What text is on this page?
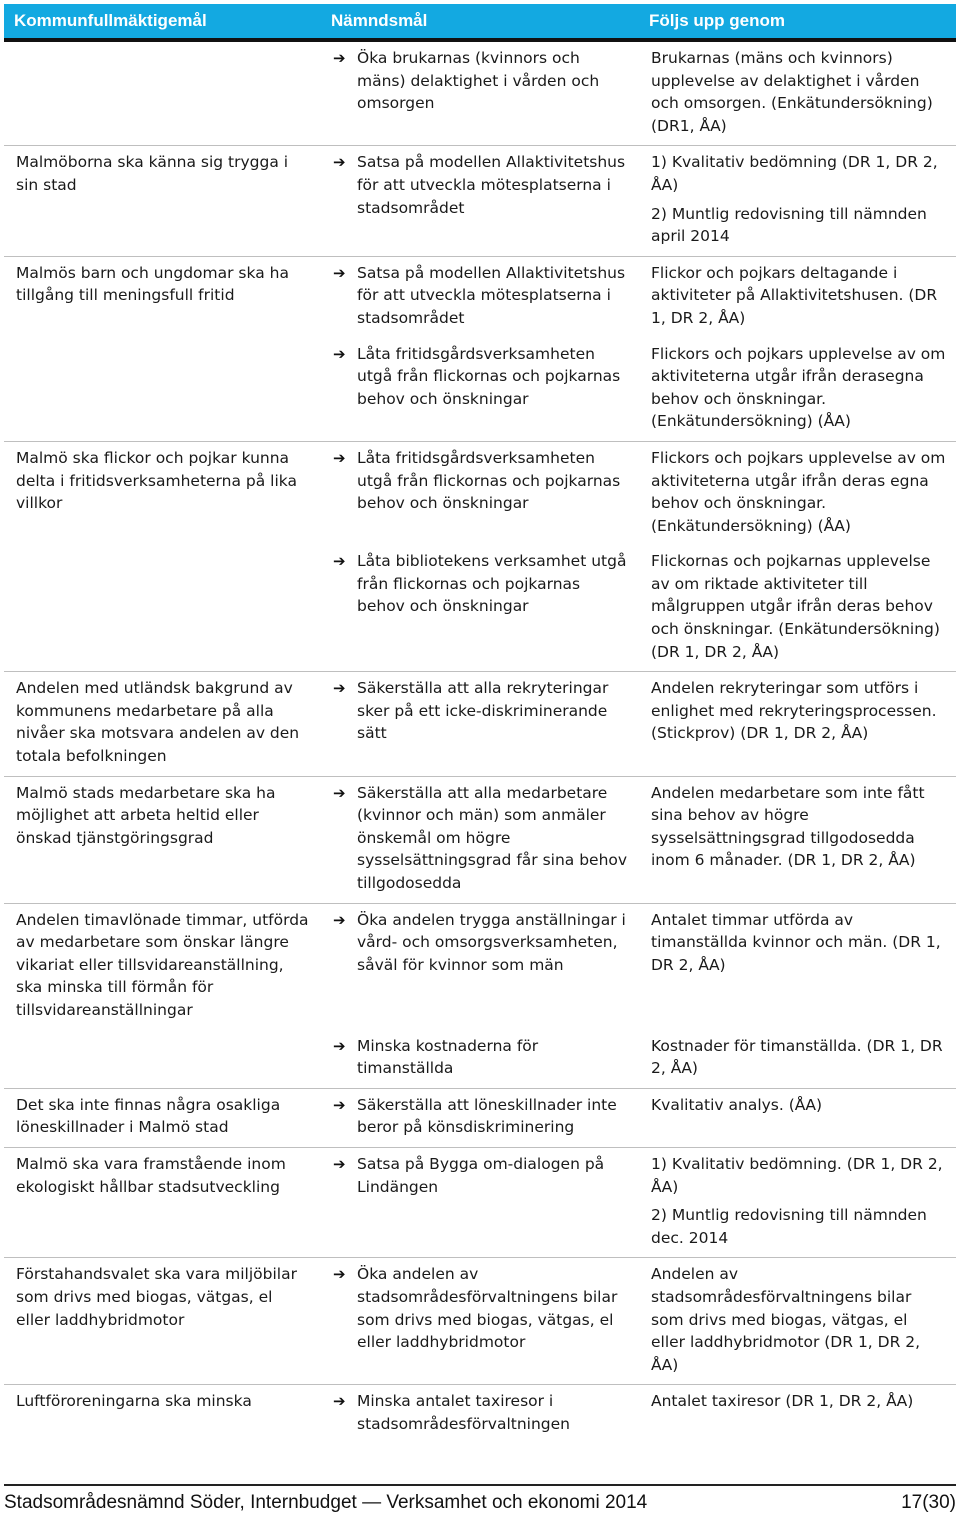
Kommunfullmäktigemål	Nämndsmål	Följs upp genom

	➔ Öka brukarnas (kvinnors och mäns) delaktighet i vården och omsorgen	Brukarnas (mäns och kvinnors) upplevelse av delaktighet i vården och omsorgen. (Enkätundersökning) (DR1, ÅA)

Malmöborna ska känna sig trygga i sin stad	➔ Satsa på modellen Allaktivitetshus för att utveckla mötesplatserna i stadsområdet	1) Kvalitativ bedömning (DR 1, DR 2, ÅA)
2) Muntlig redovisning till nämnden april 2014

Malmös barn och ungdomar ska ha tillgång till meningsfull fritid	➔ Satsa på modellen Allaktivitetshus för att utveckla mötesplatserna i stadsområdet	Flickor och pojkars deltagande i aktiviteter på Allaktivitetshusen. (DR 1, DR 2, ÅA)

	➔ Låta fritidsgårdsverksamheten utgå från flickornas och pojkarnas behov och önskningar	Flickors och pojkars upplevelse av om aktiviteterna utgår ifrån derasegna behov och önskningar. (Enkätundersökning) (ÅA)

Malmö ska flickor och pojkar kunna delta i fritidsverksamheterna på lika villkor	➔ Låta fritidsgårdsverksamheten utgå från flickornas och pojkarnas behov och önskningar	Flickors och pojkars upplevelse av om aktiviteterna utgår ifrån deras egna behov och önskningar. (Enkätundersökning) (ÅA)

	➔ Låta bibliotekens verksamhet utgå från flickornas och pojkarnas behov och önskningar	Flickornas och pojkarnas upplevelse av om riktade aktiviteter till målgruppen utgår ifrån deras behov och önskningar. (Enkätundersökning) (DR 1, DR 2, ÅA)

Andelen med utländsk bakgrund av kommunens medarbetare på alla nivåer ska motsvara andelen av den totala befolkningen	➔ Säkerställa att alla rekryteringar sker på ett icke-diskriminerande sätt	Andelen rekryteringar som utförs i enlighet med rekryteringsprocessen. (Stickprov) (DR 1, DR 2, ÅA)

Malmö stads medarbetare ska ha möjlighet att arbeta heltid eller önskad tjänstgöringsgrad	➔ Säkerställa att alla medarbetare (kvinnor och män) som anmäler önskemål om högre sysselsättningsgrad får sina behov tillgodosedda	Andelen medarbetare som inte fått sina behov av högre sysselsättningsgrad tillgodosedda inom 6 månader. (DR 1, DR 2, ÅA)

Andelen timavlönade timmar, utförda av medarbetare som önskar längre vikariat eller tillsvidareanställning, ska minska till förmån för tillsvidareanställningar	➔ Öka andelen trygga anställningar i vård- och omsorgsverksamheten, såväl för kvinnor som män	Antalet timmar utförda av timanställda kvinnor och män. (DR 1, DR 2, ÅA)

	➔ Minska kostnaderna för timanställda	Kostnader för timanställda. (DR 1, DR 2, ÅA)

Det ska inte finnas några osakliga löneskillnader i Malmö stad	➔ Säkerställa att löneskillnader inte beror på könsdiskriminering	Kvalitativ analys. (ÅA)

Malmö ska vara framstående inom ekologiskt hållbar stadsutveckling	➔ Satsa på Bygga om-dialogen på Lindängen	1) Kvalitativ bedömning. (DR 1, DR 2, ÅA)
2) Muntlig redovisning till nämnden dec. 2014

Förstahandsvalet ska vara miljöbilar som drivs med biogas, vätgas, el eller laddhybridmotor	➔ Öka andelen av stadsområdesförvaltningens bilar som drivs med biogas, vätgas, el eller laddhybridmotor	Andelen av stadsområdesförvaltningens bilar som drivs med biogas, vätgas, el eller laddhybridmotor (DR 1, DR 2, ÅA)

Luftföroreningarna ska minska	➔ Minska antalet taxiresor i stadsområdesförvaltningen	Antalet taxiresor (DR 1, DR 2, ÅA)
Stadsområdesnämnd Söder, Internbudget — Verksamhet och ekonomi 2014	17(30)
